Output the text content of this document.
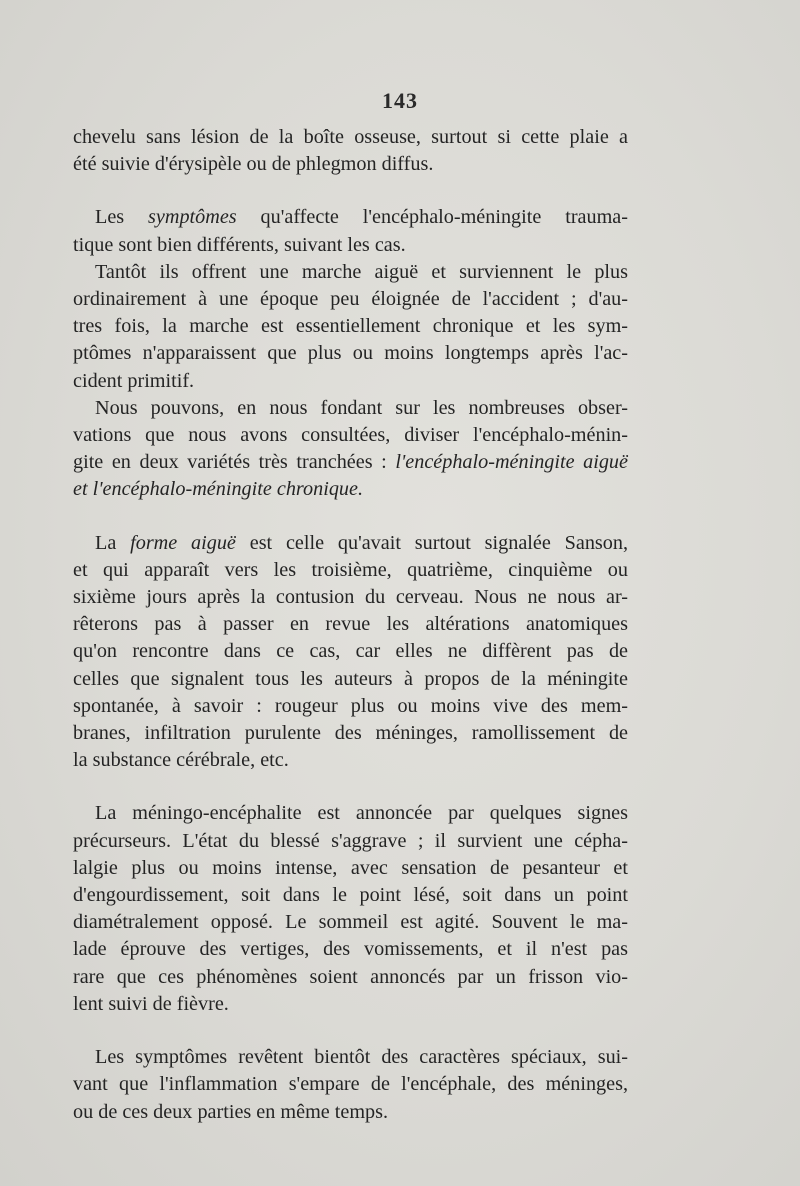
143

chevelu sans lésion de la boîte osseuse, surtout si cette plaie a
été suivie d'érysipèle ou de phlegmon diffus.

Les symptômes qu'affecte l'encéphalo-méningite trauma-
tique sont bien différents, suivant les cas.

Tantôt ils offrent une marche aiguë et surviennent le plus
ordinairement à une époque peu éloignée de l'accident ; d'au-
tres fois, la marche est essentiellement chronique et les sym-
ptômes n'apparaissent que plus ou moins longtemps après l'ac-
cident primitif.

Nous pouvons, en nous fondant sur les nombreuses obser-
vations que nous avons consultées, diviser l'encéphalo-ménin-
gite en deux variétés très tranchées : l'encéphalo-méningite aiguë
et l'encéphalo-méningite chronique.

La forme aiguë est celle qu'avait surtout signalée Sanson,
et qui apparaît vers les troisième, quatrième, cinquième ou
sixième jours après la contusion du cerveau. Nous ne nous ar-
rêterons pas à passer en revue les altérations anatomiques
qu'on rencontre dans ce cas, car elles ne diffèrent pas de
celles que signalent tous les auteurs à propos de la méningite
spontanée, à savoir : rougeur plus ou moins vive des mem-
branes, infiltration purulente des méninges, ramollissement de
la substance cérébrale, etc.

La méningo-encéphalite est annoncée par quelques signes
précurseurs. L'état du blessé s'aggrave ; il survient une cépha-
lalgie plus ou moins intense, avec sensation de pesanteur et
d'engourdissement, soit dans le point lésé, soit dans un point
diamétralement opposé. Le sommeil est agité. Souvent le ma-
lade éprouve des vertiges, des vomissements, et il n'est pas
rare que ces phénomènes soient annoncés par un frisson vio-
lent suivi de fièvre.

Les symptômes revêtent bientôt des caractères spéciaux, sui-
vant que l'inflammation s'empare de l'encéphale, des méninges,
ou de ces deux parties en même temps.
